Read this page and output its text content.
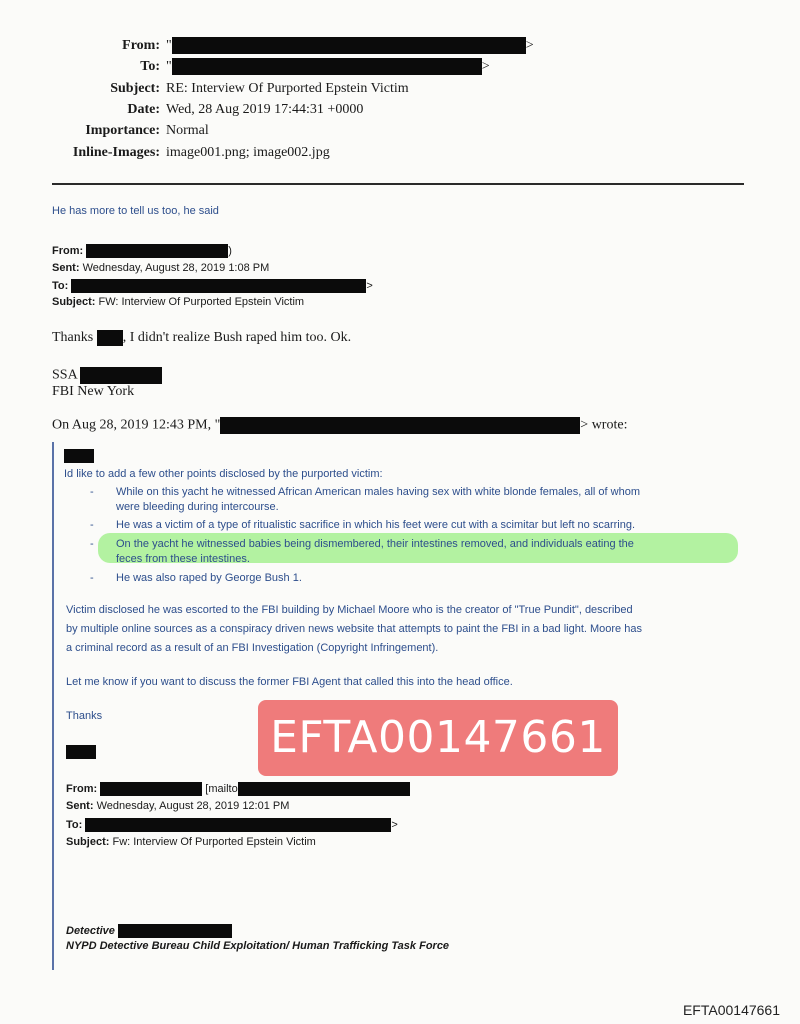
From: "	>
To: "	>
Subject: RE: Interview Of Purported Epstein Victim
Date: Wed, 28 Aug 2019 17:44:31 +0000
Importance: Normal
Inline-Images: image001.png; image002.jpg
He has more to tell us too, he said
From:	)
Sent: Wednesday, August 28, 2019 1:08 PM
To:	>
Subject: FW: Interview Of Purported Epstein Victim
Thanks , I didn't realize Bush raped him too. Ok.
SSA
FBI New York
On Aug 28, 2019 12:43 PM, "	> wrote:
Id like to add a few other points disclosed by the purported victim:
- While on this yacht he witnessed African American males having sex with white blonde females, all of whom
were bleeding during intercourse.
- He was a victim of a type of ritualistic sacrifice in which his feet were cut with a scimitar but left no scarring.
- On the yacht he witnessed babies being dismembered, their intestines removed, and individuals eating the
feces from these intestines.
- He was also raped by George Bush 1.
Victim disclosed he was escorted to the FBI building by Michael Moore who is the creator of "True Pundit", described
by multiple online sources as a conspiracy driven news website that attempts to paint the FBI in a bad light. Moore has
a criminal record as a result of an FBI Investigation (Copyright Infringement).
Let me know if you want to discuss the former FBI Agent that called this into the head office.
Thanks
From:	[mailto
Sent: Wednesday, August 28, 2019 12:01 PM
To:	>
Subject: Fw: Interview Of Purported Epstein Victim
Detective
NYPD Detective Bureau Child Exploitation/ Human Trafficking Task Force
EFTA00147661
EFTA00147661
